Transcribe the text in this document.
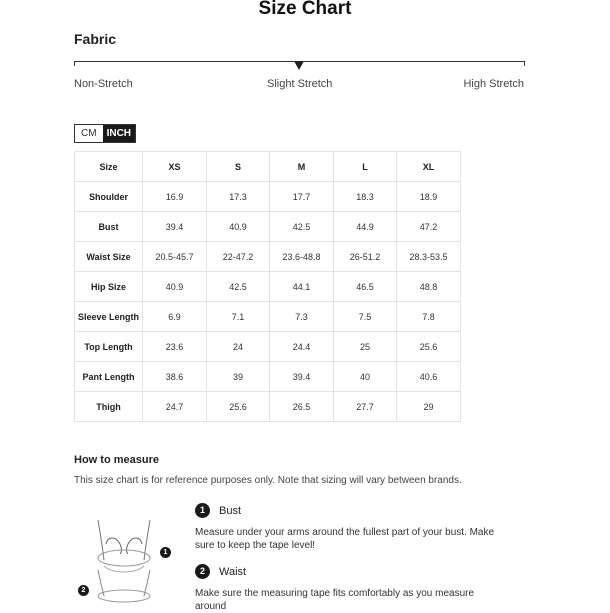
Size Chart
Fabric
Non-Stretch	Slight Stretch	High Stretch
CM	INCH
Size	XS	S	M	L	XL
Shoulder	16.9	17.3	17.7	18.3	18.9
Bust	39.4	40.9	42.5	44.9	47.2
Waist Size	20.5-45.7	22-47.2	23.6-48.8	26-51.2	28.3-53.5
Hip Size	40.9	42.5	44.1	46.5	48.8
Sleeve Length	6.9	7.1	7.3	7.5	7.8
Top Length	23.6	24	24.4	25	25.6
Pant Length	38.6	39	39.4	40	40.6
Thigh	24.7	25.6	26.5	27.7	29
How to measure
This size chart is for reference purposes only. Note that sizing will vary between brands.
1
2
1	Bust
Measure under your arms around the fullest part of your bust. Make sure to keep the tape level!
2	Waist
Make sure the measuring tape fits comfortably as you measure around
